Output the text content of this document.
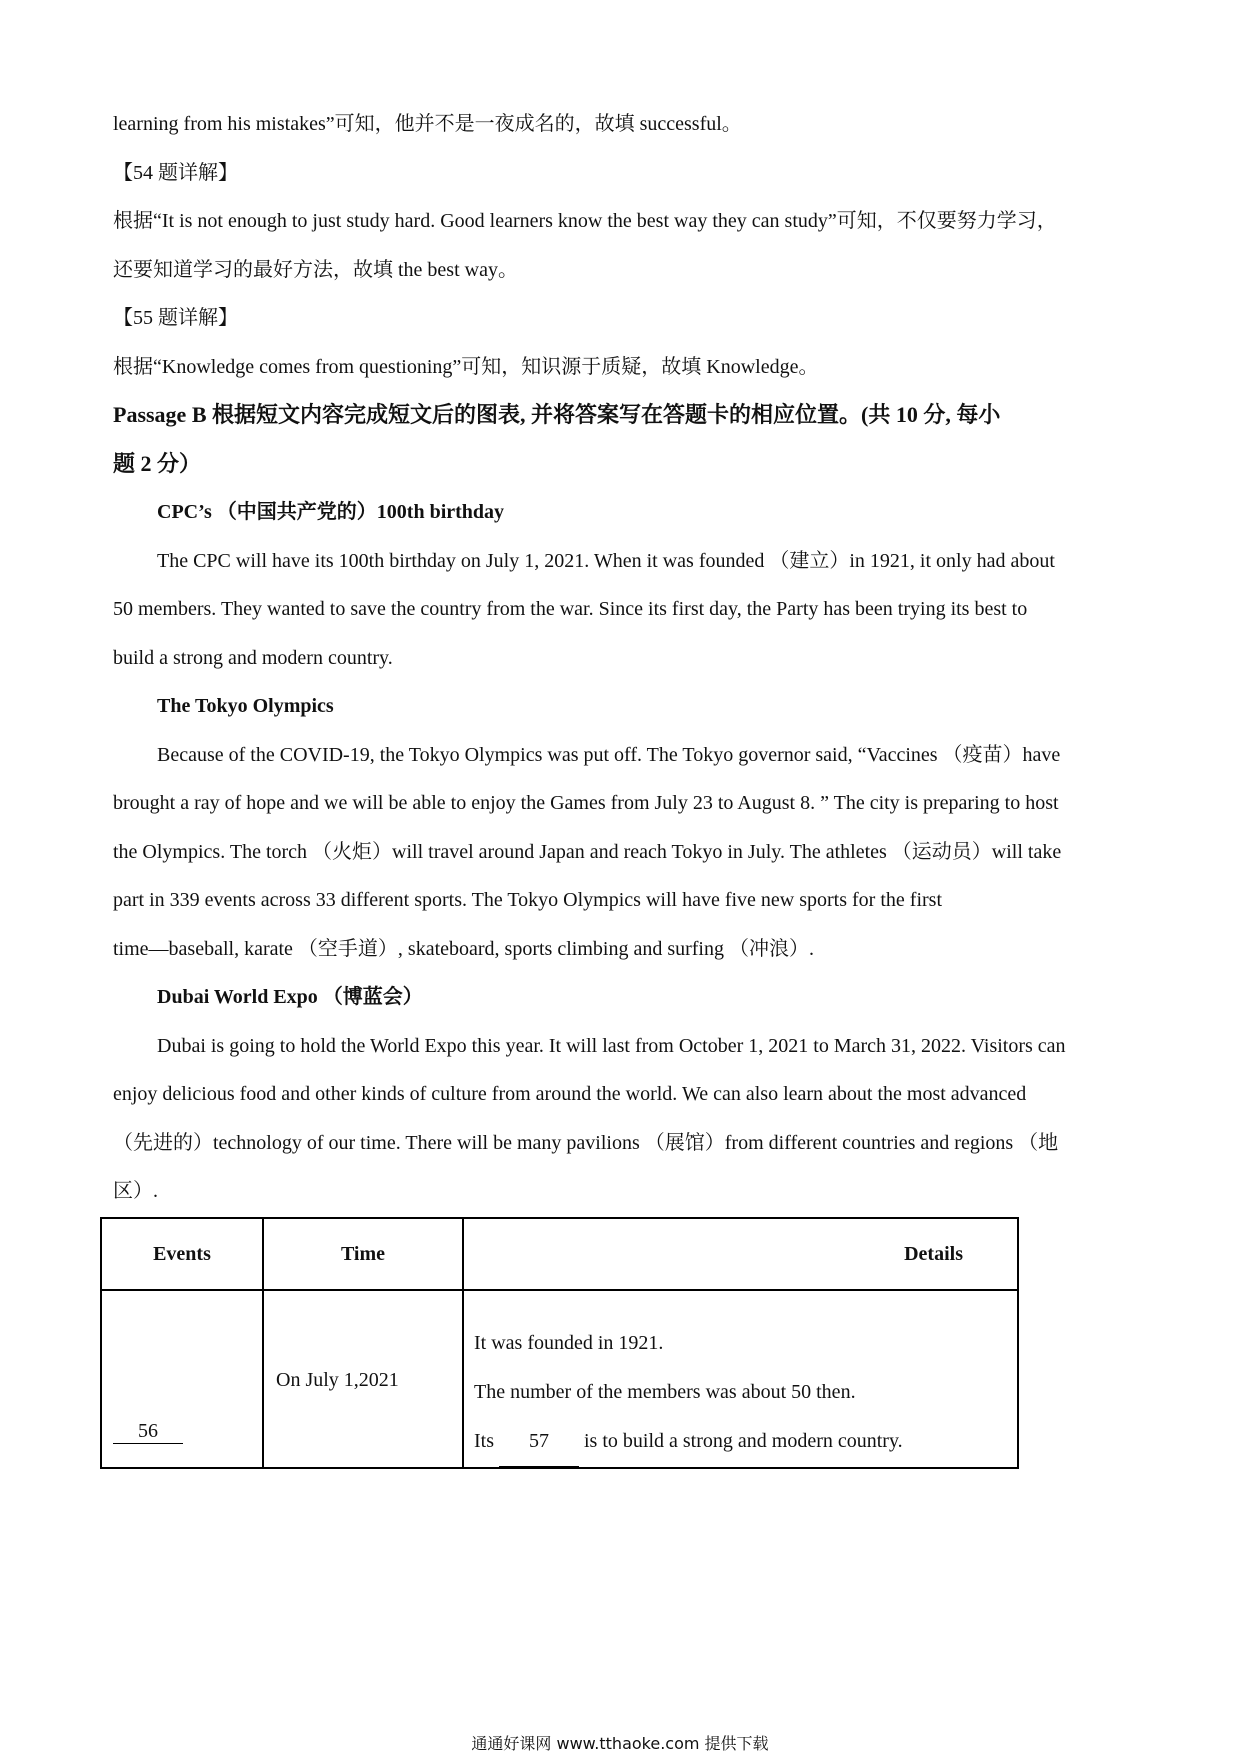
learning from his mistakes”可知，他并不是一夜成名的，故填 successful。
【54 题详解】
根据“It is not enough to just study hard. Good learners know the best way they can study”可知，不仅要努力学习，
还要知道学习的最好方法，故填 the best way。
【55 题详解】
根据“Knowledge comes from questioning”可知，知识源于质疑，故填 Knowledge。
Passage B 根据短文内容完成短文后的图表, 并将答案写在答题卡的相应位置。(共 10 分, 每小
题 2 分）
CPC’s （中国共产党的）100th birthday
The CPC will have its 100th birthday on July 1, 2021. When it was founded （建立）in 1921, it only had about
50 members. They wanted to save the country from the war. Since its first day, the Party has been trying its best to
build a strong and modern country.
The Tokyo Olympics
Because of the COVID-19, the Tokyo Olympics was put off. The Tokyo governor said, “Vaccines （疫苗）have
brought a ray of hope and we will be able to enjoy the Games from July 23 to August 8. ” The city is preparing to host
the Olympics. The torch （火炬）will travel around Japan and reach Tokyo in July. The athletes （运动员）will take
part in 339 events across 33 different sports. The Tokyo Olympics will have five new sports for the first
time—baseball, karate （空手道）, skateboard, sports climbing and surfing （冲浪）.
Dubai World Expo （博蓝会）
Dubai is going to hold the World Expo this year. It will last from October 1, 2021 to March 31, 2022. Visitors can
enjoy delicious food and other kinds of culture from around the world. We can also learn about the most advanced
（先进的）technology of our time. There will be many pavilions （展馆）from different countries and regions （地
区）.
Events	Time	Details

56	On July 1,2021	It was founded in 1921.
The number of the members was about 50 then.
Its 57 is to build a strong and modern country.
通通好课网 www.tthaoke.com 提供下载
